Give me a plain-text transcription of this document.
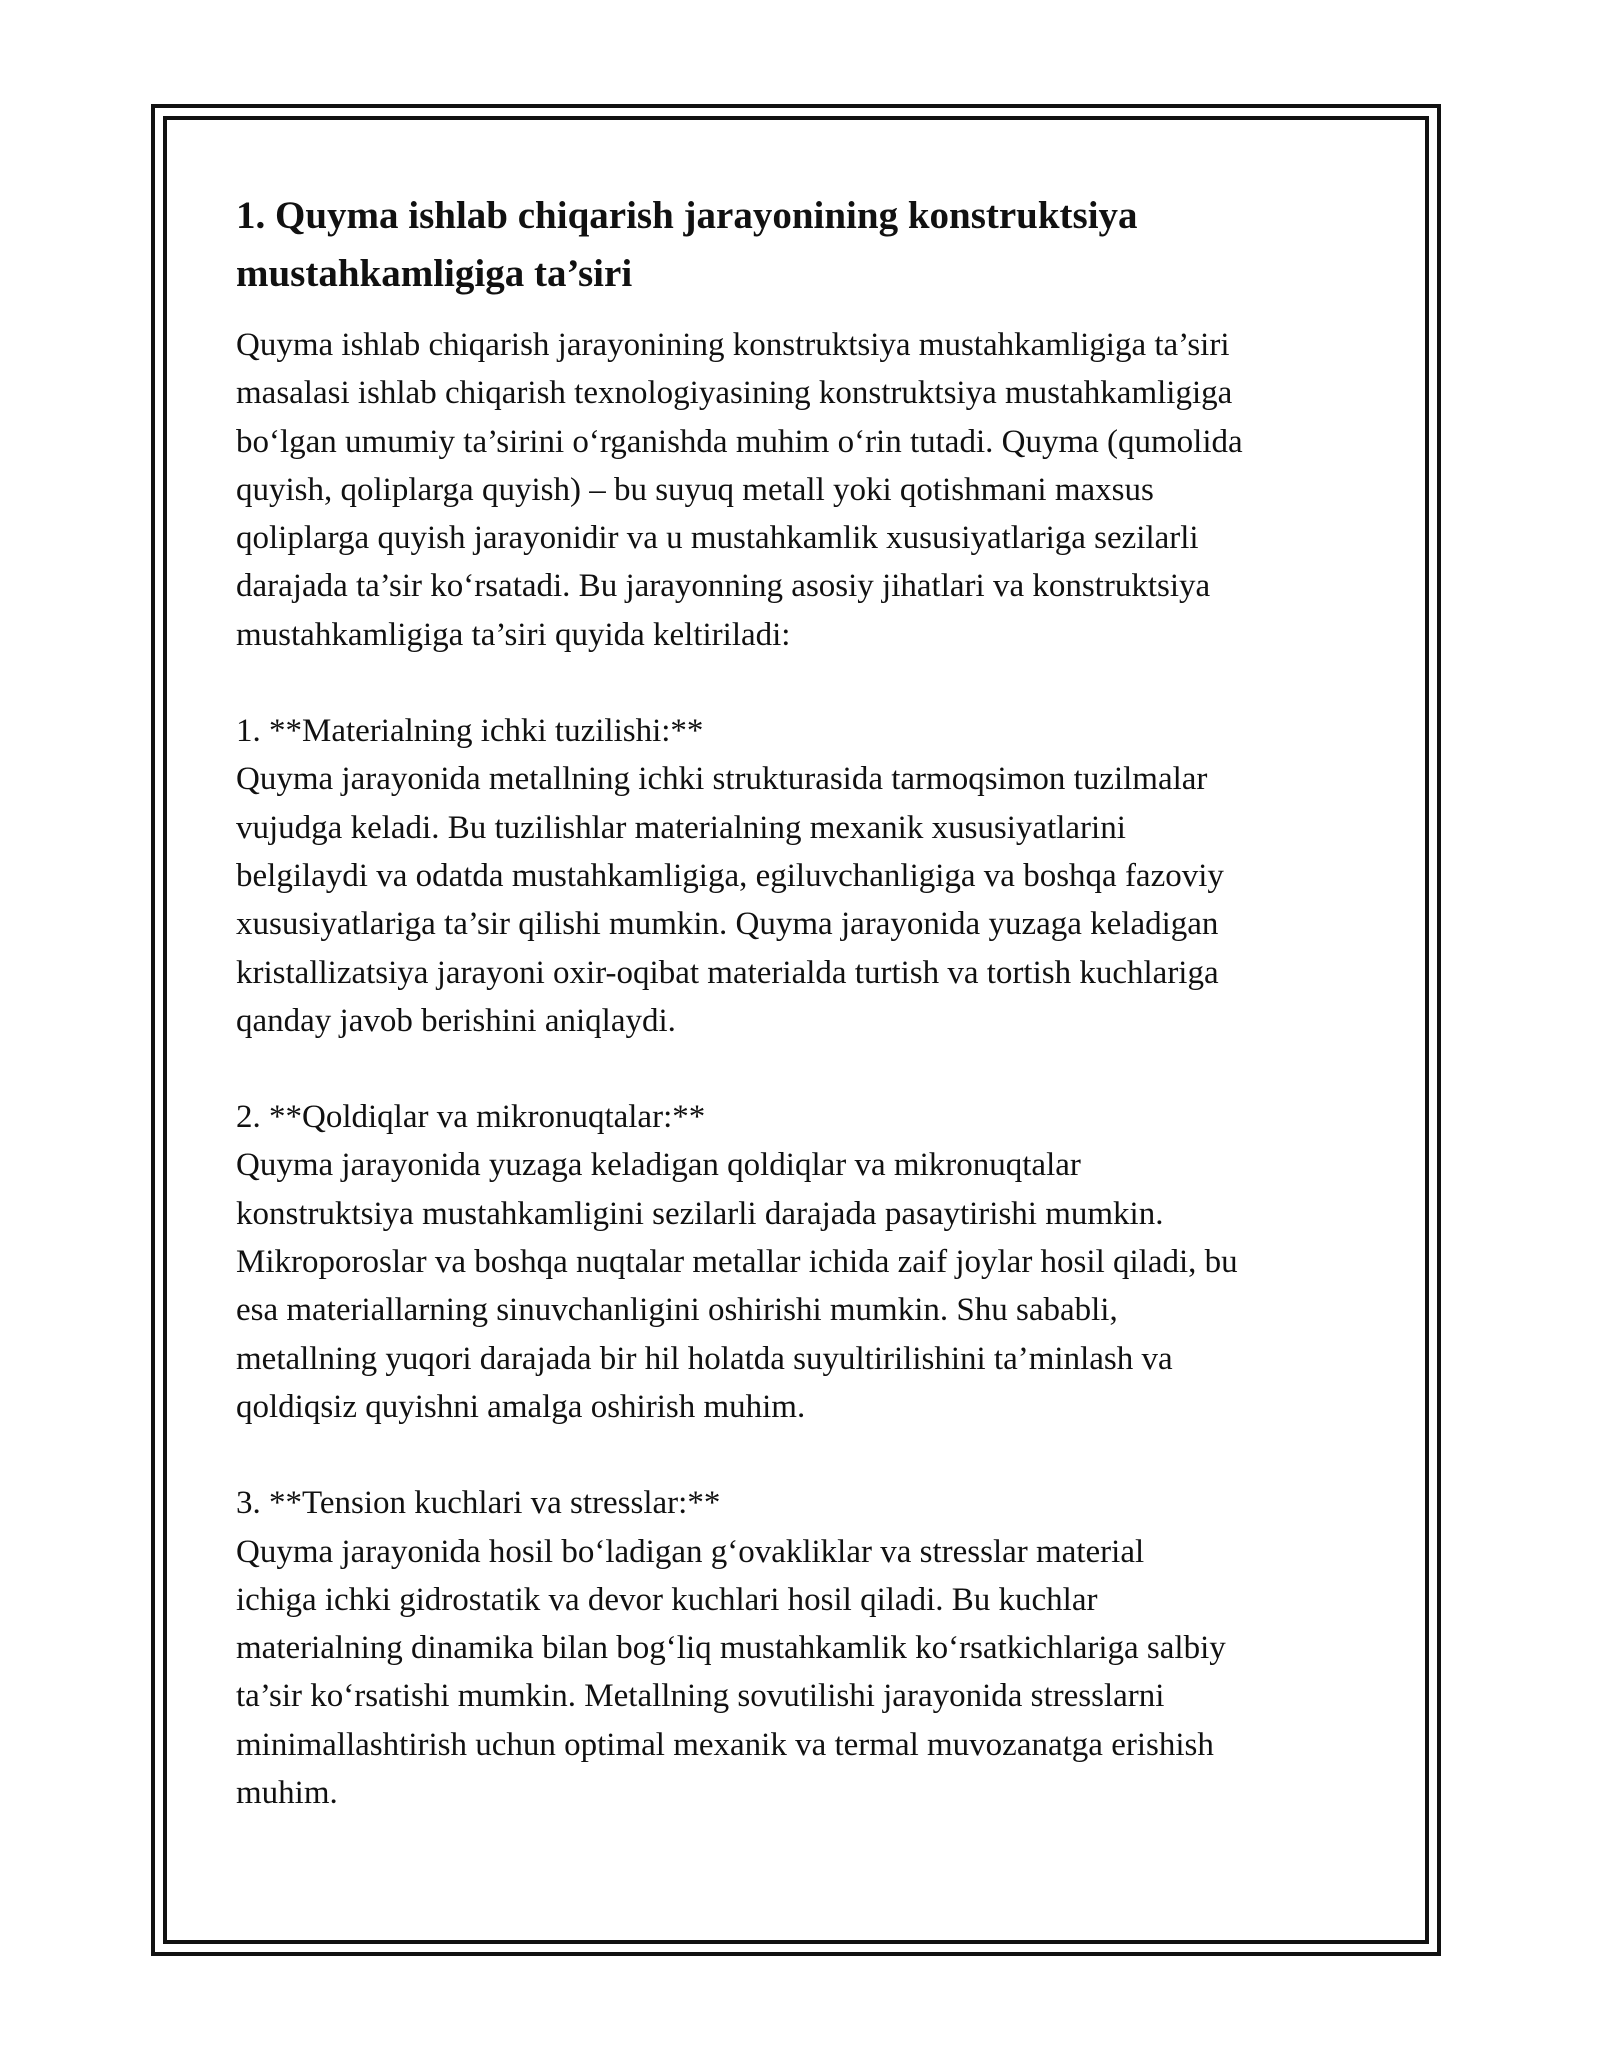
1. Quyma ishlab chiqarish jarayonining konstruktsiya
mustahkamligiga ta’siri

Quyma ishlab chiqarish jarayonining konstruktsiya mustahkamligiga ta’siri
masalasi ishlab chiqarish texnologiyasining konstruktsiya mustahkamligiga
bo‘lgan umumiy ta’sirini o‘rganishda muhim o‘rin tutadi. Quyma (qumolida
quyish, qoliplarga quyish) – bu suyuq metall yoki qotishmani maxsus
qoliplarga quyish jarayonidir va u mustahkamlik xususiyatlariga sezilarli
darajada ta’sir ko‘rsatadi. Bu jarayonning asosiy jihatlari va konstruktsiya
mustahkamligiga ta’siri quyida keltiriladi:

1. **Materialning ichki tuzilishi:**

Quyma jarayonida metallning ichki strukturasida tarmoqsimon tuzilmalar
vujudga keladi. Bu tuzilishlar materialning mexanik xususiyatlarini
belgilaydi va odatda mustahkamligiga, egiluvchanligiga va boshqa fazoviy
xususiyatlariga ta’sir qilishi mumkin. Quyma jarayonida yuzaga keladigan
kristallizatsiya jarayoni oxir-oqibat materialda turtish va tortish kuchlariga
qanday javob berishini aniqlaydi.

2. **Qoldiqlar va mikronuqtalar:**

Quyma jarayonida yuzaga keladigan qoldiqlar va mikronuqtalar
konstruktsiya mustahkamligini sezilarli darajada pasaytirishi mumkin.
Mikroporoslar va boshqa nuqtalar metallar ichida zaif joylar hosil qiladi, bu
esa materiallarning sinuvchanligini oshirishi mumkin. Shu sababli,
metallning yuqori darajada bir hil holatda suyultirilishini ta’minlash va
qoldiqsiz quyishni amalga oshirish muhim.

3. **Tension kuchlari va stresslar:**

Quyma jarayonida hosil bo‘ladigan g‘ovakliklar va stresslar material
ichiga ichki gidrostatik va devor kuchlari hosil qiladi. Bu kuchlar
materialning dinamika bilan bog‘liq mustahkamlik ko‘rsatkichlariga salbiy
ta’sir ko‘rsatishi mumkin. Metallning sovutilishi jarayonida stresslarni
minimallashtirish uchun optimal mexanik va termal muvozanatga erishish
muhim.
